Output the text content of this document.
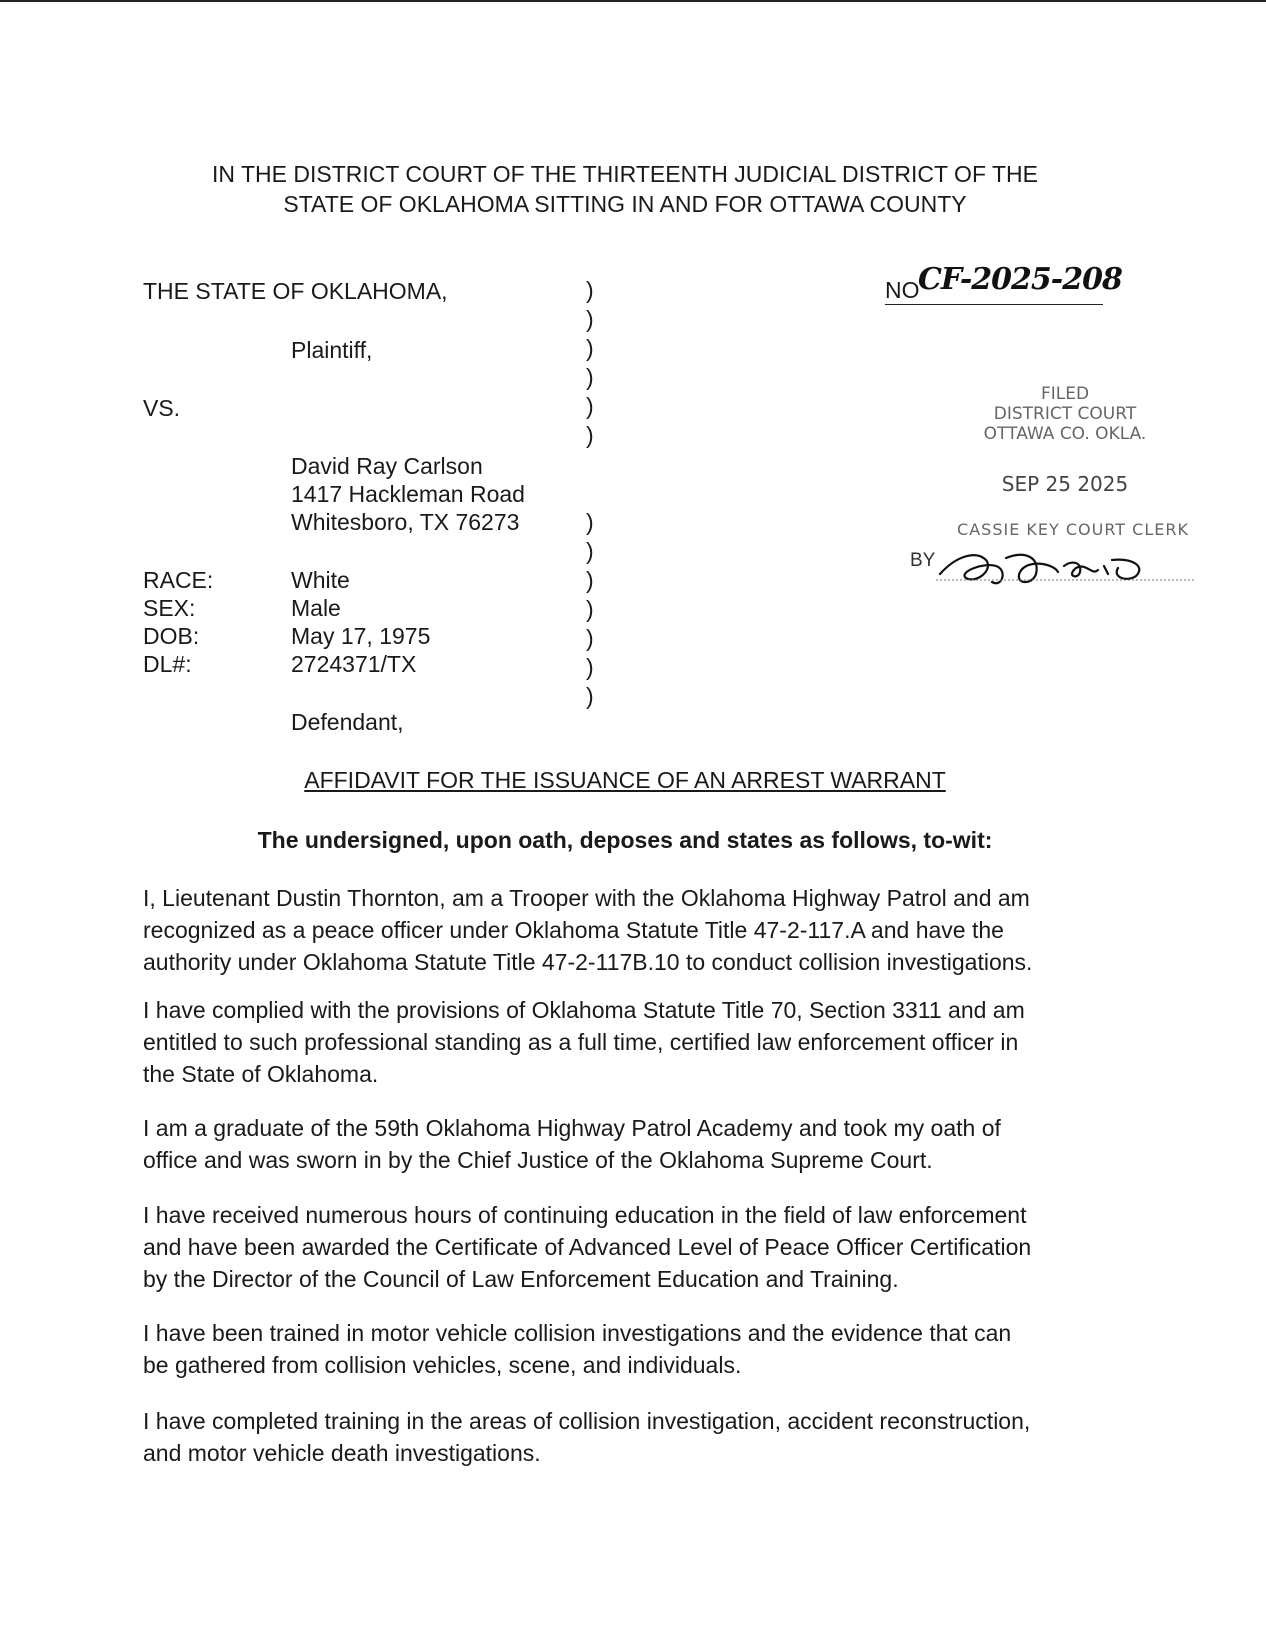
IN THE DISTRICT COURT OF THE THIRTEENTH JUDICIAL DISTRICT OF THE
STATE OF OKLAHOMA SITTING IN AND FOR OTTAWA COUNTY
THE STATE OF OKLAHOMA,
Plaintiff,
VS.
David Ray Carlson
1417 Hackleman Road
Whitesboro, TX 76273
RACE:	White
SEX:	Male
DOB:	May 17, 1975
DL#:	2724371/TX
Defendant,
)
)
)
)
)
)
)
)
)
)
)
)
)
NO
CF-2025-208
FILED
DISTRICT COURT
OTTAWA CO. OKLA.
SEP 25 2025
CASSIE KEY COURT CLERK
BY
AFFIDAVIT FOR THE ISSUANCE OF AN ARREST WARRANT
The undersigned, upon oath, deposes and states as follows, to-wit:

I, Lieutenant Dustin Thornton, am a Trooper with the Oklahoma Highway Patrol and am
recognized as a peace officer under Oklahoma Statute Title 47-2-117.A and have the
authority under Oklahoma Statute Title 47-2-117B.10 to conduct collision investigations.

I have complied with the provisions of Oklahoma Statute Title 70, Section 3311 and am
entitled to such professional standing as a full time, certified law enforcement officer in
the State of Oklahoma.

I am a graduate of the 59th Oklahoma Highway Patrol Academy and took my oath of
office and was sworn in by the Chief Justice of the Oklahoma Supreme Court.

I have received numerous hours of continuing education in the field of law enforcement
and have been awarded the Certificate of Advanced Level of Peace Officer Certification
by the Director of the Council of Law Enforcement Education and Training.

I have been trained in motor vehicle collision investigations and the evidence that can
be gathered from collision vehicles, scene, and individuals.

I have completed training in the areas of collision investigation, accident reconstruction,
and motor vehicle death investigations.
